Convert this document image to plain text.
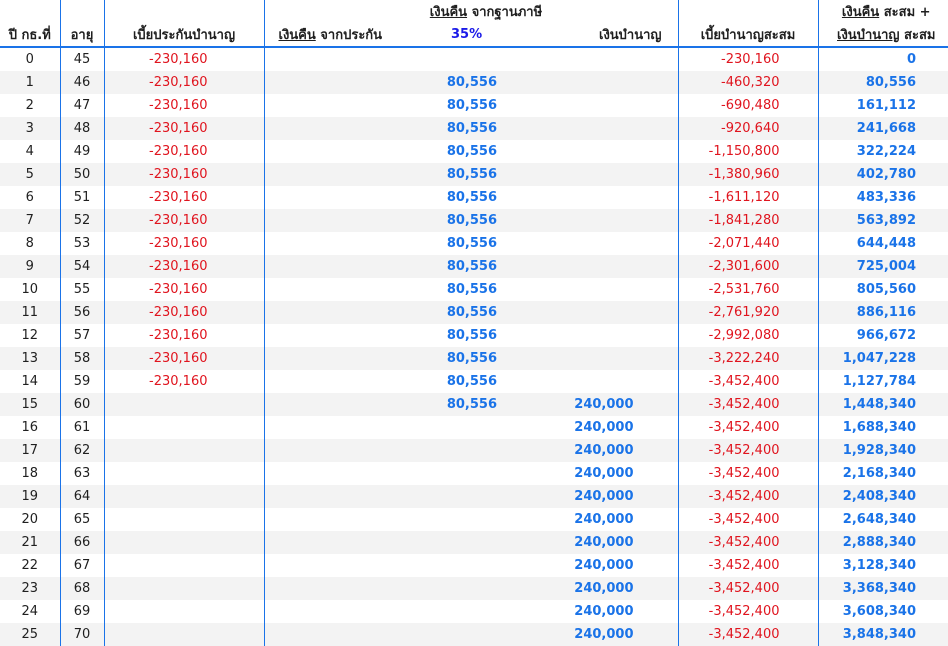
			เงินคืน จากฐานภาษี				เงินคืน สะสม +
ปี กธ.ที่	อายุ	เบี้ยประกันบำนาญ	เงินคืน จากประกัน	35%	เงินบำนาญ	เบี้ยบำนาญสะสม	เงินบำนาญ สะสม
0	45	-230,160				-230,160	0
1	46	-230,160		80,556		-460,320	80,556
2	47	-230,160		80,556		-690,480	161,112
3	48	-230,160		80,556		-920,640	241,668
4	49	-230,160		80,556		-1,150,800	322,224
5	50	-230,160		80,556		-1,380,960	402,780
6	51	-230,160		80,556		-1,611,120	483,336
7	52	-230,160		80,556		-1,841,280	563,892
8	53	-230,160		80,556		-2,071,440	644,448
9	54	-230,160		80,556		-2,301,600	725,004
10	55	-230,160		80,556		-2,531,760	805,560
11	56	-230,160		80,556		-2,761,920	886,116
12	57	-230,160		80,556		-2,992,080	966,672
13	58	-230,160		80,556		-3,222,240	1,047,228
14	59	-230,160		80,556		-3,452,400	1,127,784
15	60			80,556	240,000	-3,452,400	1,448,340
16	61				240,000	-3,452,400	1,688,340
17	62				240,000	-3,452,400	1,928,340
18	63				240,000	-3,452,400	2,168,340
19	64				240,000	-3,452,400	2,408,340
20	65				240,000	-3,452,400	2,648,340
21	66				240,000	-3,452,400	2,888,340
22	67				240,000	-3,452,400	3,128,340
23	68				240,000	-3,452,400	3,368,340
24	69				240,000	-3,452,400	3,608,340
25	70				240,000	-3,452,400	3,848,340
